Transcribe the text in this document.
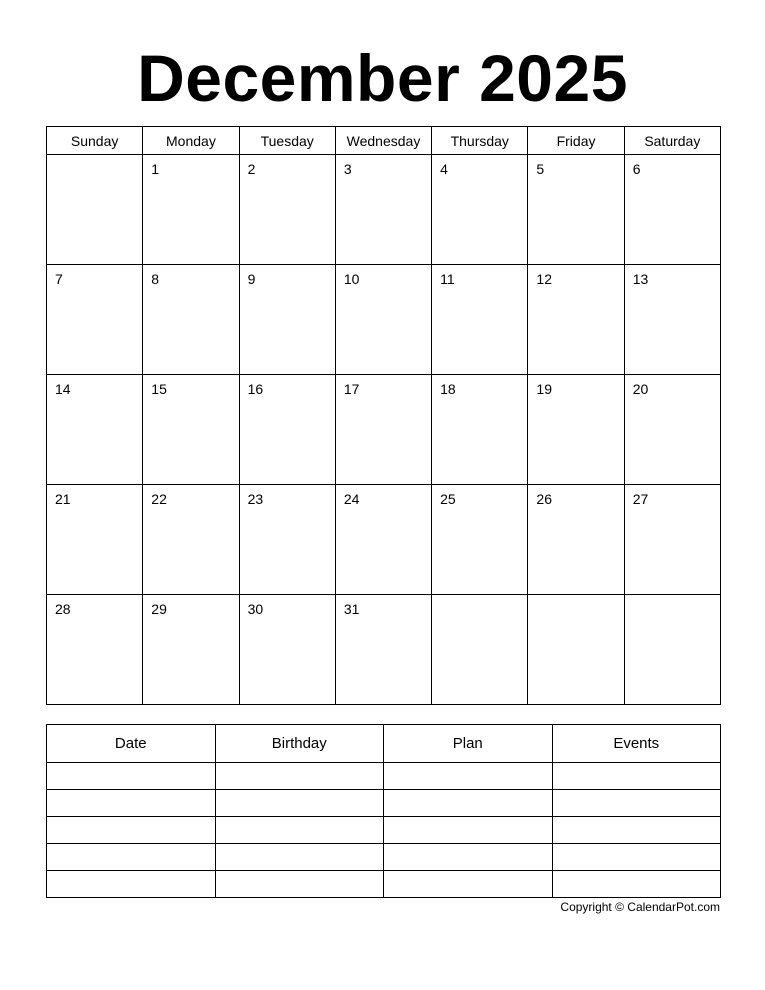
December 2025
Sunday	Monday	Tuesday	Wednesday	Thursday	Friday	Saturday

	1	2	3	4	5	6

7	8	9	10	11	12	13

14	15	16	17	18	19	20

21	22	23	24	25	26	27

28	29	30	31			

Date	Birthday	Plan	Events

Copyright © CalendarPot.com
